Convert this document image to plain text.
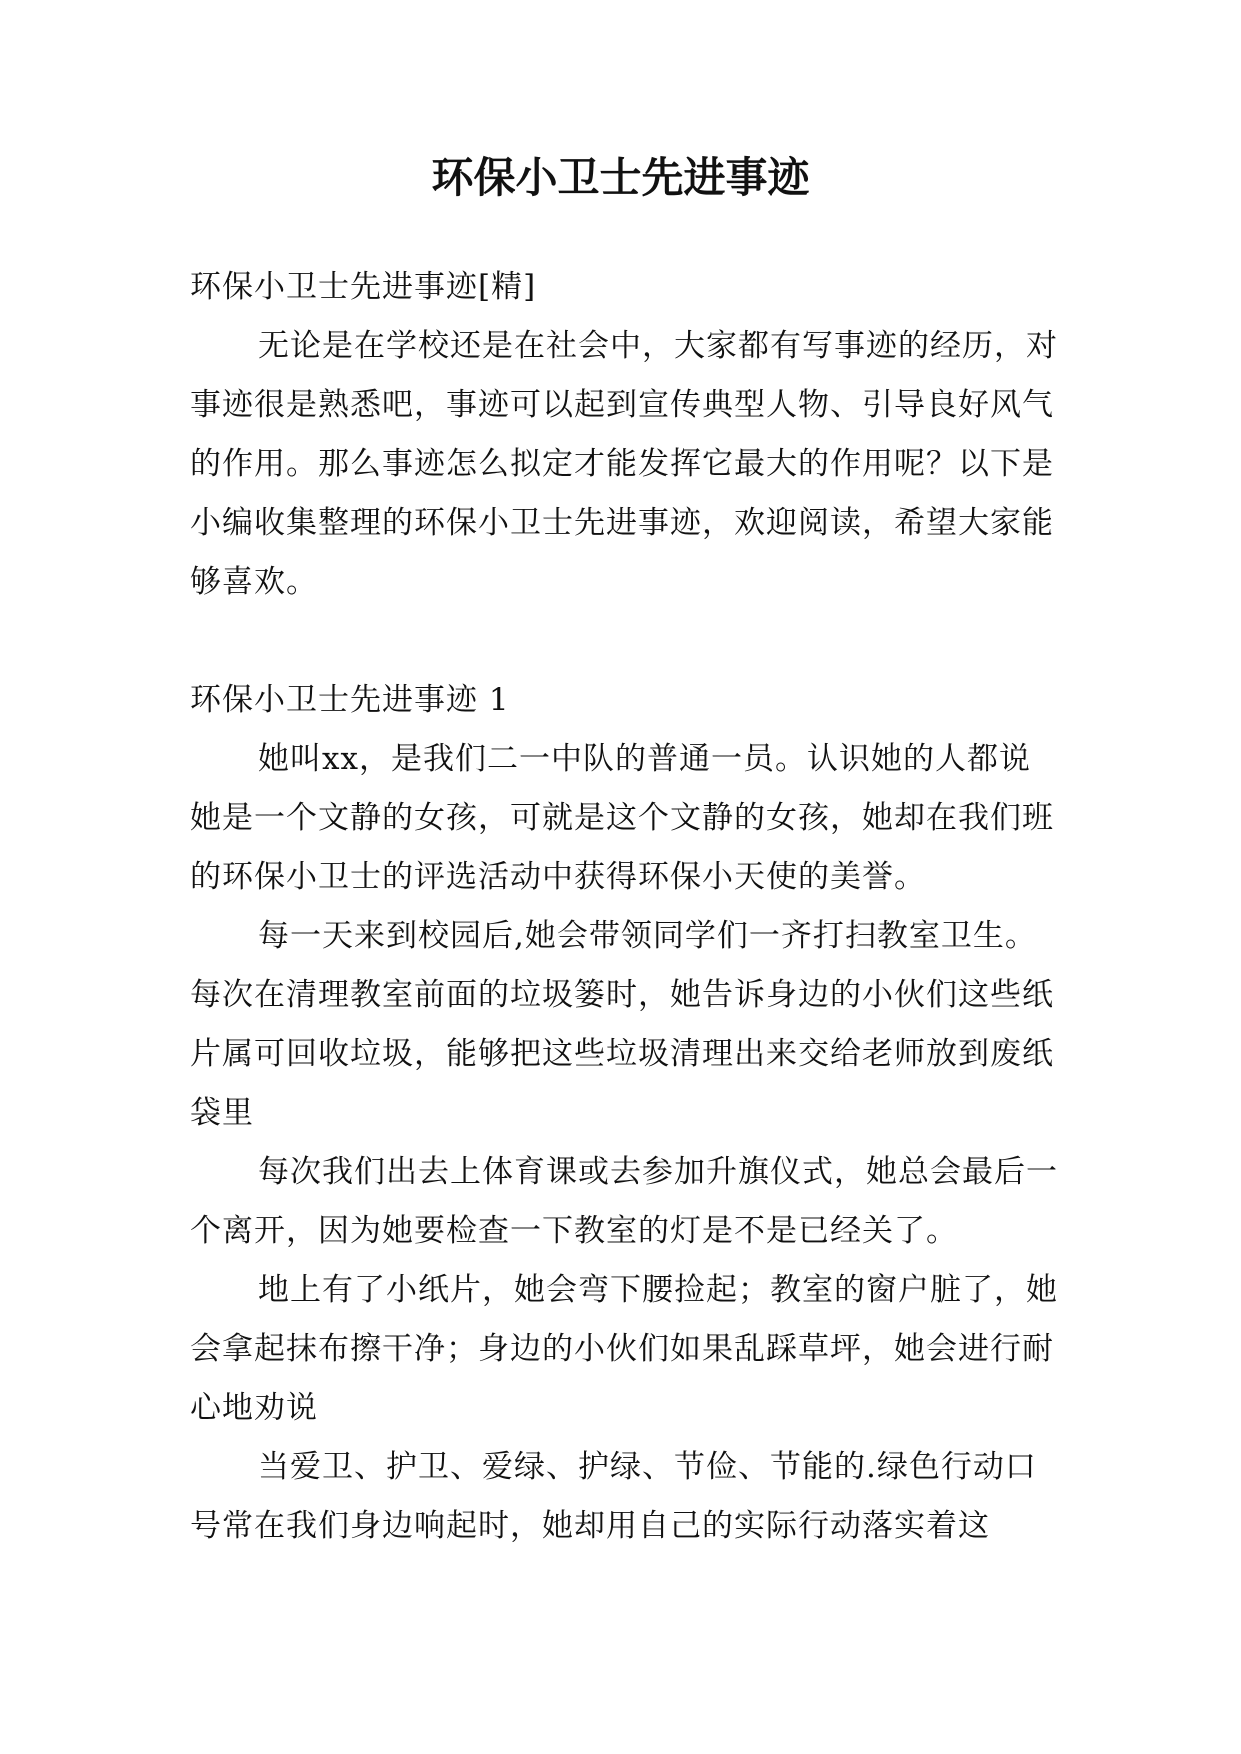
环保小卫士先进事迹

环保小卫士先进事迹[精]

无论是在学校还是在社会中，大家都有写事迹的经历，对事迹很是熟悉吧，事迹可以起到宣传典型人物、引导良好风气的作用。那么事迹怎么拟定才能发挥它最大的作用呢？以下是小编收集整理的环保小卫士先进事迹，欢迎阅读，希望大家能够喜欢。

环保小卫士先进事迹 1

她叫xx，是我们二一中队的普通一员。认识她的人都说她是一个文静的女孩，可就是这个文静的女孩，她却在我们班的环保小卫士的评选活动中获得环保小天使的美誉。

每一天来到校园后,她会带领同学们一齐打扫教室卫生。每次在清理教室前面的垃圾篓时，她告诉身边的小伙们这些纸片属可回收垃圾，能够把这些垃圾清理出来交给老师放到废纸袋里

每次我们出去上体育课或去参加升旗仪式，她总会最后一个离开，因为她要检查一下教室的灯是不是已经关了。

地上有了小纸片，她会弯下腰捡起；教室的窗户脏了，她会拿起抹布擦干净；身边的小伙们如果乱踩草坪，她会进行耐心地劝说

当爱卫、护卫、爱绿、护绿、节俭、节能的.绿色行动口号常在我们身边响起时，她却用自己的实际行动落实着这
